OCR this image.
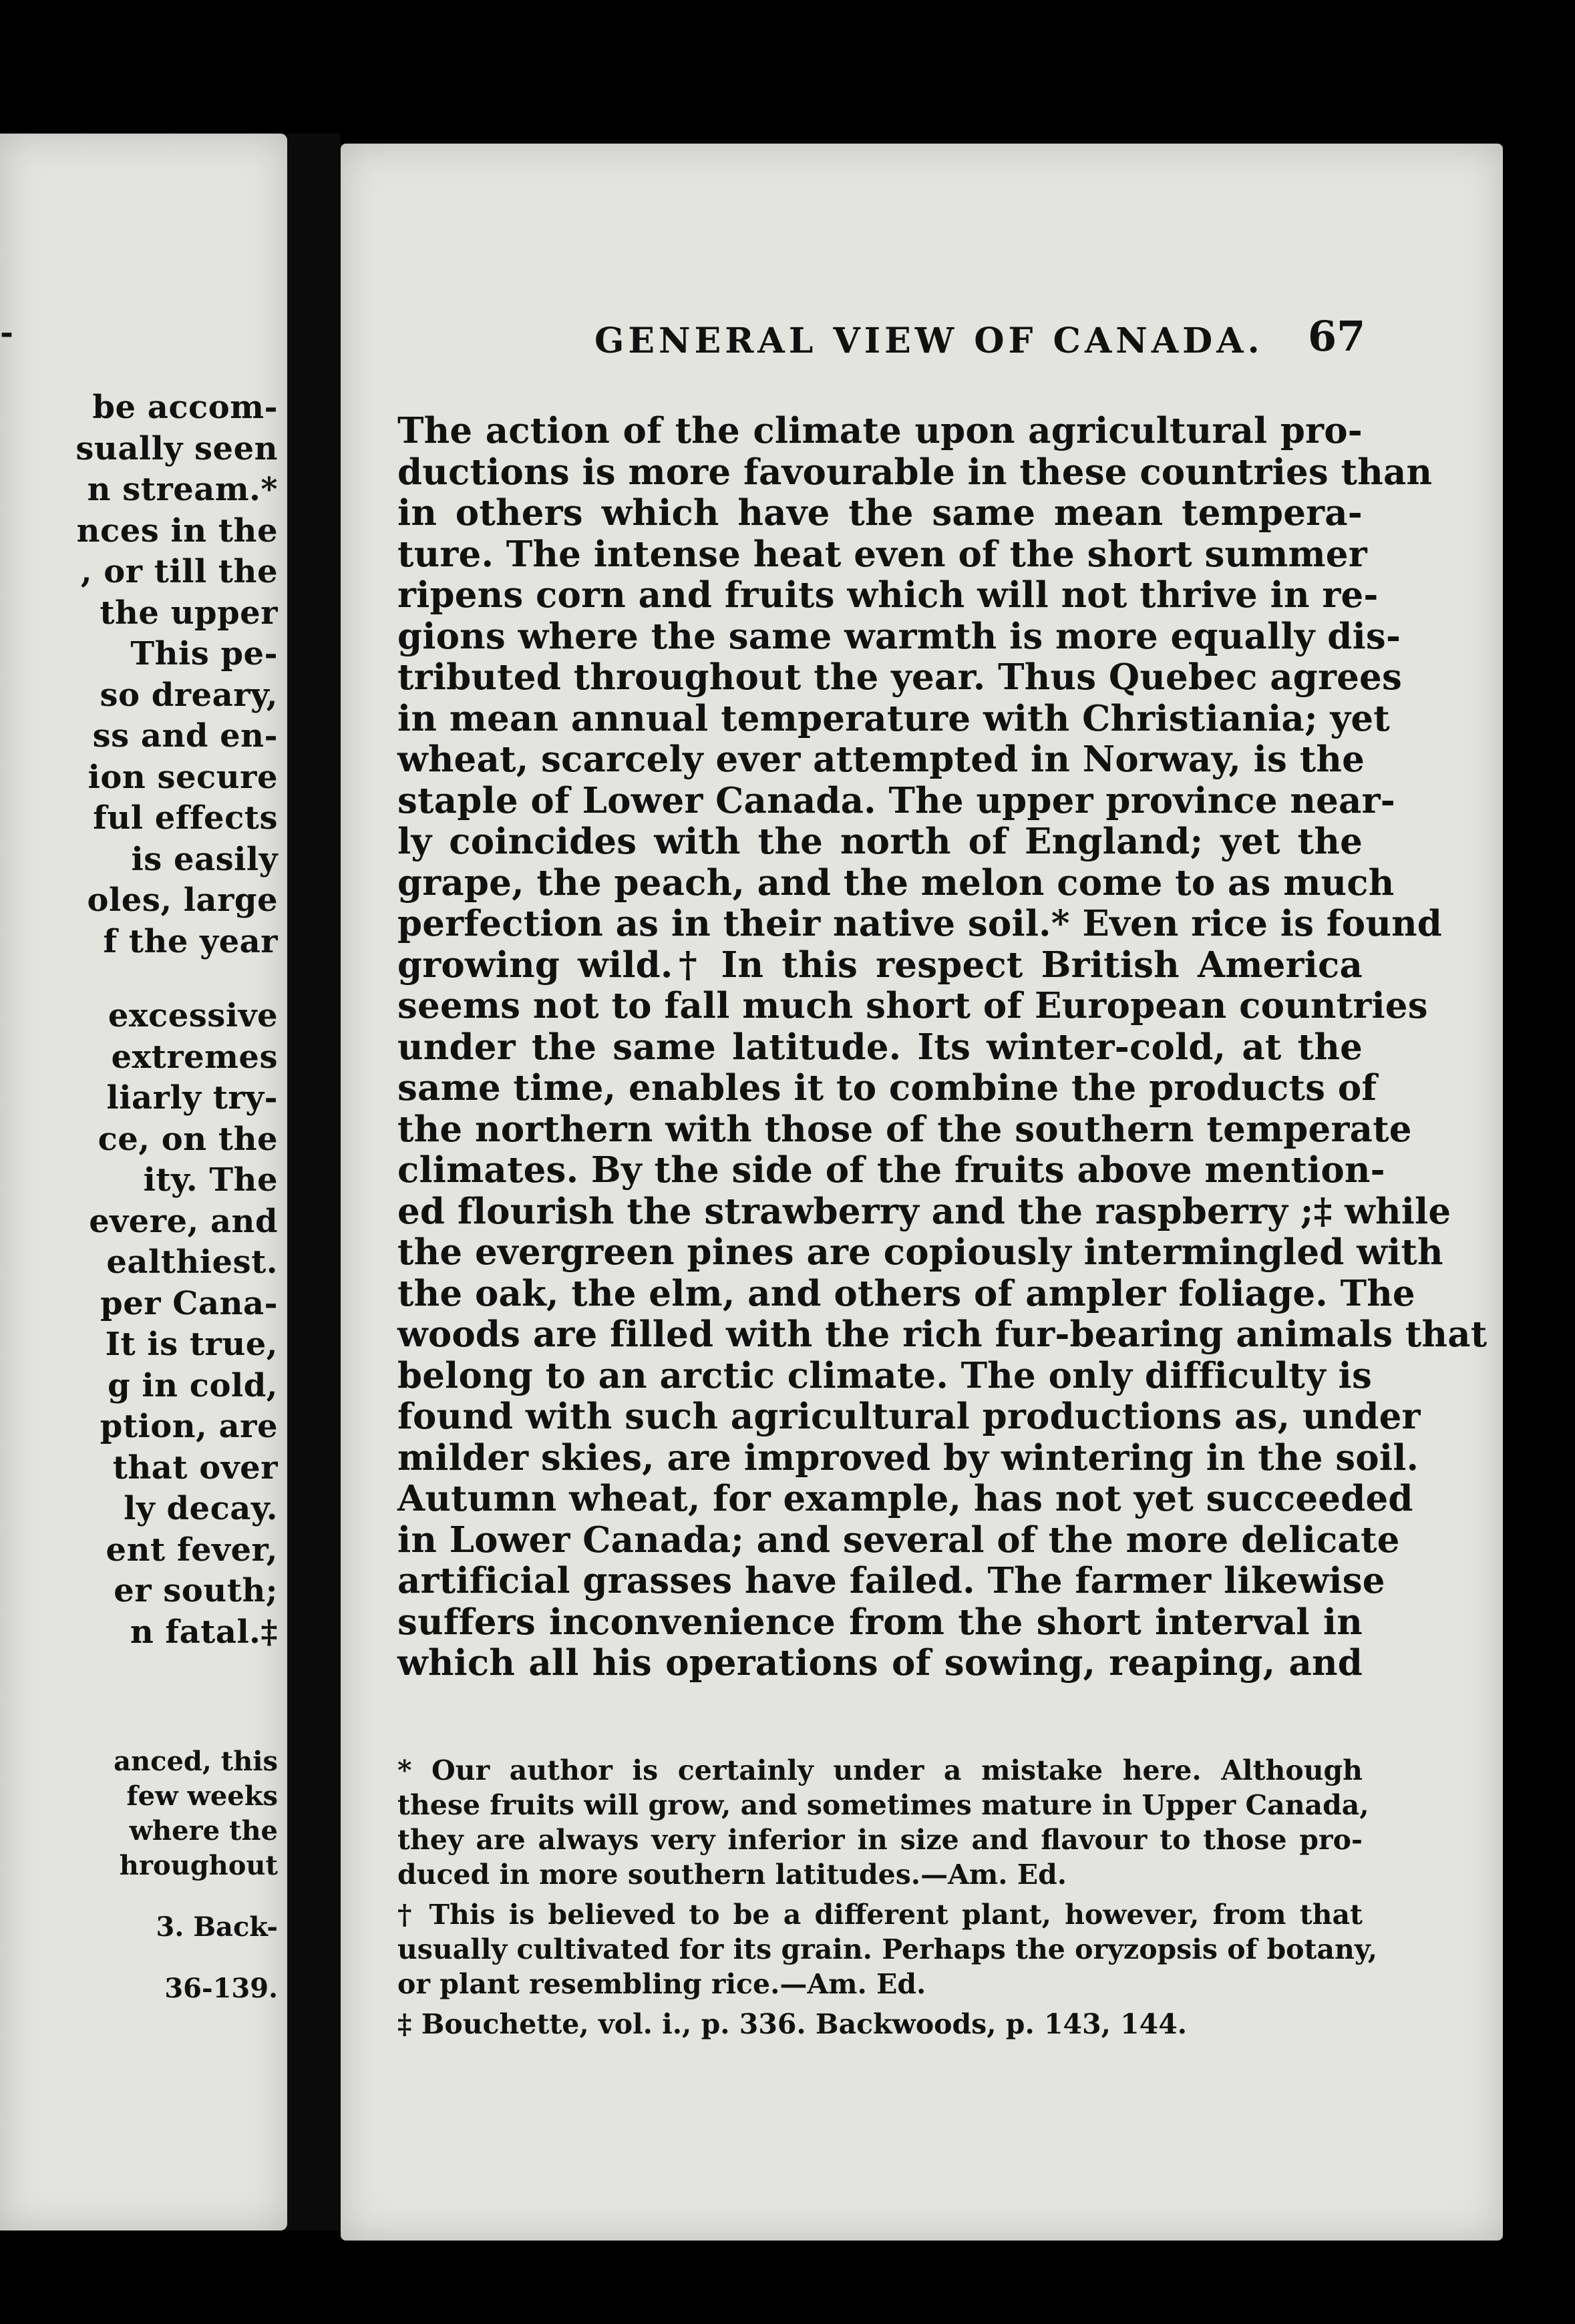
-
be accom-
sually seen
n stream.*
nces in the
, or till the
the upper
This pe-
so dreary,
ss and en-
ion secure
ful effects
is easily
oles, large
f the year
excessive
extremes
liarly try-
ce, on the
ity. The
evere, and
ealthiest.
per Cana-
It is true,
g in cold,
ption, are
that over
ly decay.
ent fever,
er south;
n fatal.‡
anced, this
few weeks
where the
hroughout
3. Back-
36-139.
GENERAL VIEW OF CANADA. 67
The action of the climate upon agricultural pro-
ductions is more favourable in these countries than
in others which have the same mean tempera-
ture. The intense heat even of the short summer
ripens corn and fruits which will not thrive in re-
gions where the same warmth is more equally dis-
tributed throughout the year. Thus Quebec agrees
in mean annual temperature with Christiania; yet
wheat, scarcely ever attempted in Norway, is the
staple of Lower Canada. The upper province near-
ly coincides with the north of England; yet the
grape, the peach, and the melon come to as much
perfection as in their native soil.* Even rice is found
growing wild.† In this respect British America
seems not to fall much short of European countries
under the same latitude. Its winter-cold, at the
same time, enables it to combine the products of
the northern with those of the southern temperate
climates. By the side of the fruits above mention-
ed flourish the strawberry and the raspberry ;‡ while
the evergreen pines are copiously intermingled with
the oak, the elm, and others of ampler foliage. The
woods are filled with the rich fur-bearing animals that
belong to an arctic climate. The only difficulty is
found with such agricultural productions as, under
milder skies, are improved by wintering in the soil.
Autumn wheat, for example, has not yet succeeded
in Lower Canada; and several of the more delicate
artificial grasses have failed. The farmer likewise
suffers inconvenience from the short interval in
which all his operations of sowing, reaping, and
* Our author is certainly under a mistake here. Although
these fruits will grow, and sometimes mature in Upper Canada,
they are always very inferior in size and flavour to those pro-
duced in more southern latitudes.—Am. Ed.
† This is believed to be a different plant, however, from that
usually cultivated for its grain. Perhaps the oryzopsis of botany,
or plant resembling rice.—Am. Ed.
‡ Bouchette, vol. i., p. 336. Backwoods, p. 143, 144.
